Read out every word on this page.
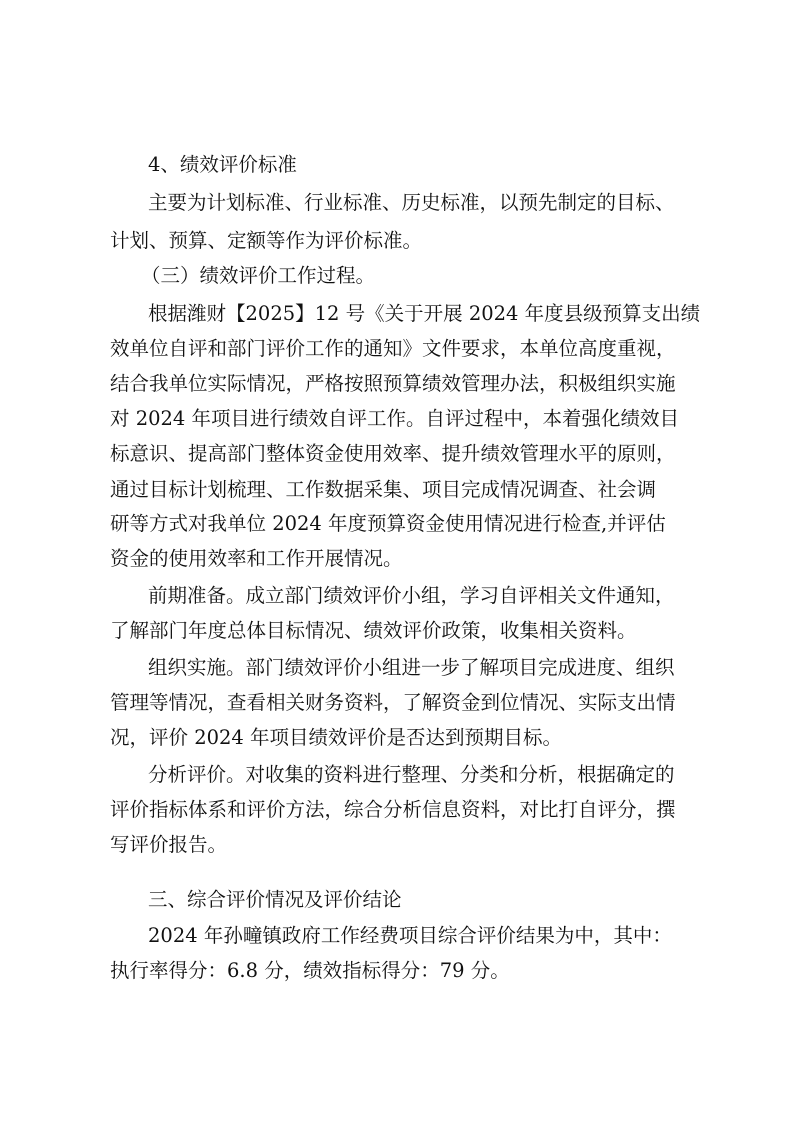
4、绩效评价标准
主要为计划标准、行业标准、历史标准，以预先制定的目标、
计划、预算、定额等作为评价标准。
（三）绩效评价工作过程。
根据潍财【2025】12 号《关于开展 2024 年度县级预算支出绩
效单位自评和部门评价工作的通知》文件要求，本单位高度重视，
结合我单位实际情况，严格按照预算绩效管理办法，积极组织实施
对 2024 年项目进行绩效自评工作。自评过程中，本着强化绩效目
标意识、提高部门整体资金使用效率、提升绩效管理水平的原则，
通过目标计划梳理、工作数据采集、项目完成情况调查、社会调
研等方式对我单位 2024 年度预算资金使用情况进行检查,并评估
资金的使用效率和工作开展情况。
前期准备。成立部门绩效评价小组，学习自评相关文件通知，
了解部门年度总体目标情况、绩效评价政策，收集相关资料。
组织实施。部门绩效评价小组进一步了解项目完成进度、组织
管理等情况，查看相关财务资料，了解资金到位情况、实际支出情
况，评价 2024 年项目绩效评价是否达到预期目标。
分析评价。对收集的资料进行整理、分类和分析，根据确定的
评价指标体系和评价方法，综合分析信息资料，对比打自评分，撰
写评价报告。
三、综合评价情况及评价结论
2024 年孙疃镇政府工作经费项目综合评价结果为中，其中：
执行率得分：6.8 分，绩效指标得分：79 分。
